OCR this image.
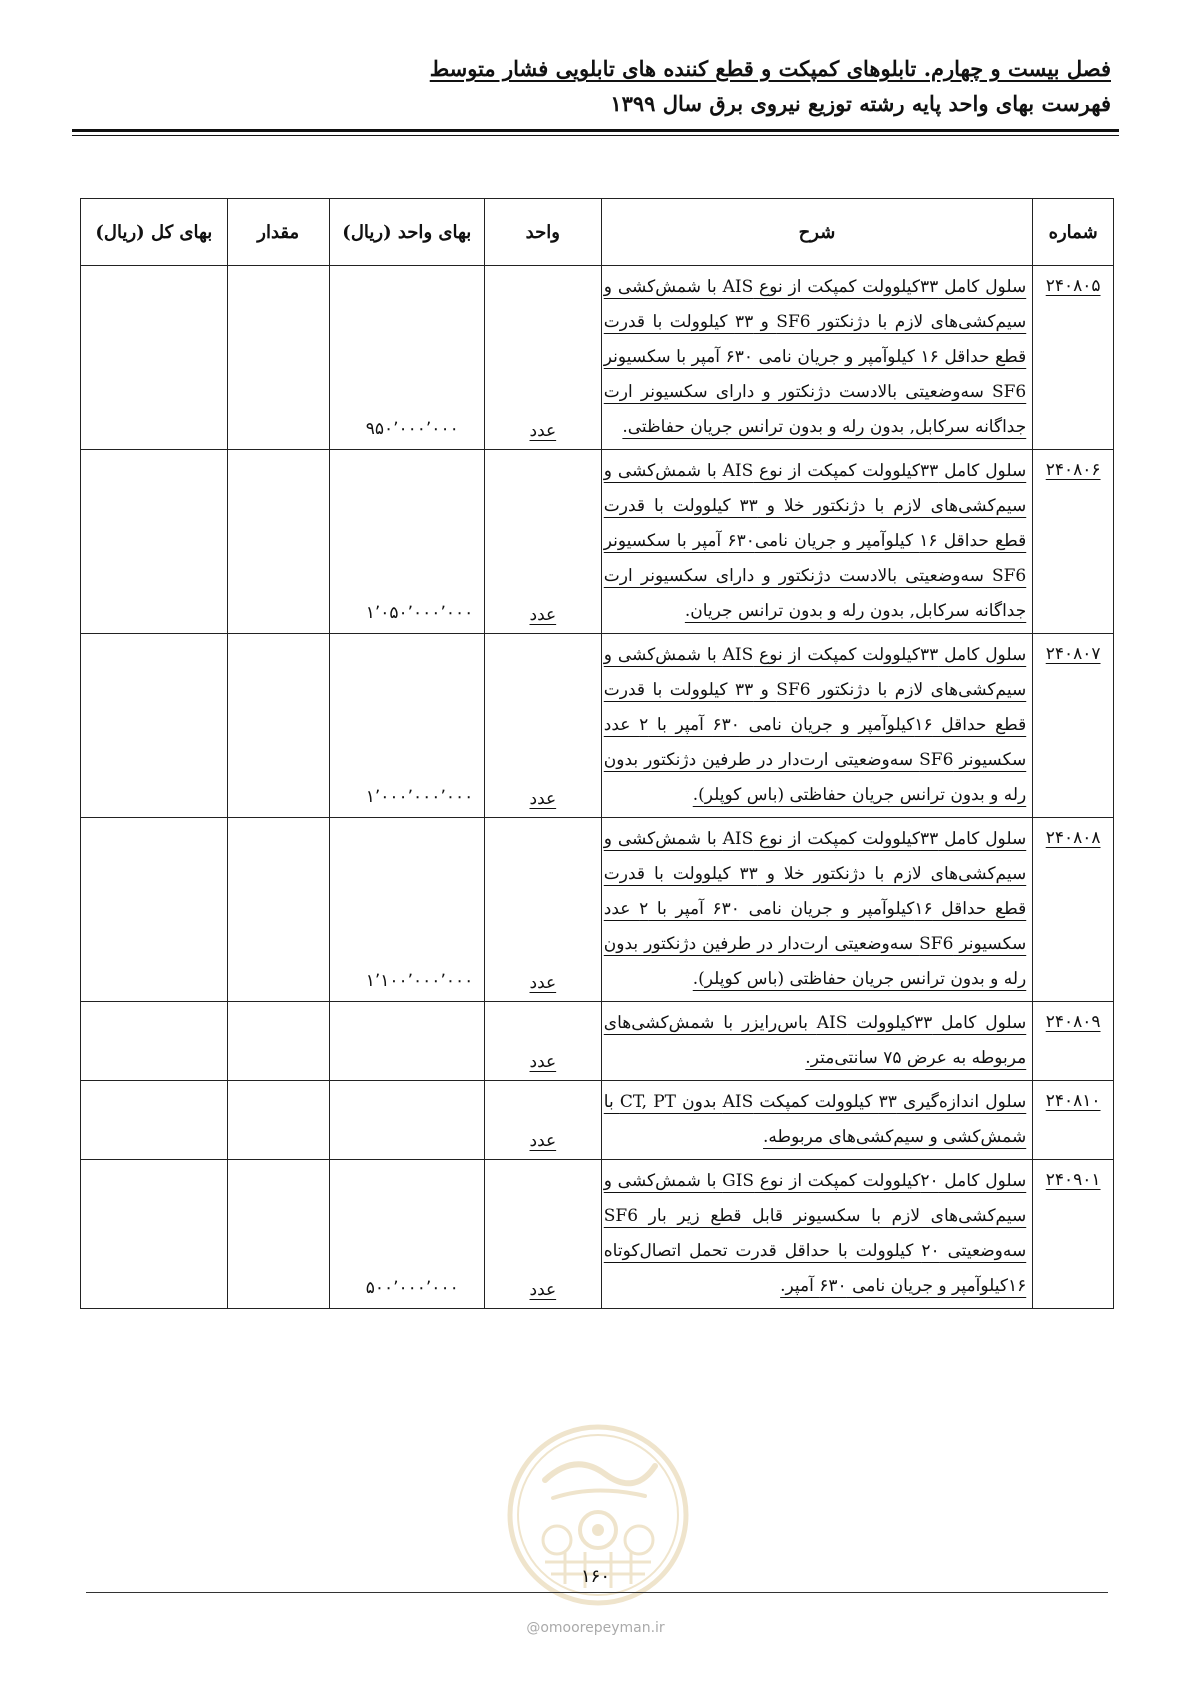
فصل بیست و چهارم. تابلوهای کمپکت و قطع کننده های تابلویی فشار متوسط
فهرست بهای واحد پایه رشته توزیع نیروی برق سال ۱۳۹۹
شماره	شرح	واحد	بهای واحد (ریال)	مقدار	بهای کل (ریال)
۲۴۰۸۰۵	سلول کامل ۳۳کیلوولت کمپکت از نوع AIS با شمش‌کشی و سیم‌کشی‌های لازم با دژنکتور SF6 و ۳۳ کیلوولت با قدرت قطع حداقل ۱۶ کیلوآمپر و جریان نامی ۶۳۰ آمپر با سکسیونر SF6 سه‌وضعیتی بالادست دژنکتور و دارای سکسیونر ارت جداگانه سرکابل, بدون رله و بدون ترانس جریان حفاظتی.	عدد	۹۵۰٬۰۰۰٬۰۰۰		
۲۴۰۸۰۶	سلول کامل ۳۳کیلوولت کمپکت از نوع AIS با شمش‌کشی و سیم‌کشی‌های لازم با دژنکتور خلا و ۳۳ کیلوولت با قدرت قطع حداقل ۱۶ کیلوآمپر و جریان نامی۶۳۰ آمپر با سکسیونر SF6 سه‌وضعیتی بالادست دژنکتور و دارای سکسیونر ارت جداگانه سرکابل, بدون رله و بدون ترانس جریان.	عدد	۱٬۰۵۰٬۰۰۰٬۰۰۰		
۲۴۰۸۰۷	سلول کامل ۳۳کیلوولت کمپکت از نوع AIS با شمش‌کشی و سیم‌کشی‌های لازم با دژنکتور SF6 و ۳۳ کیلوولت با قدرت قطع حداقل ۱۶کیلوآمپر و جریان نامی ۶۳۰ آمپر با ۲ عدد سکسیونر SF6 سه‌وضعیتی ارت‌دار در طرفین دژنکتور بدون رله و بدون ترانس جریان حفاظتی (باس کوپلر).	عدد	۱٬۰۰۰٬۰۰۰٬۰۰۰		
۲۴۰۸۰۸	سلول کامل ۳۳کیلوولت کمپکت از نوع AIS با شمش‌کشی و سیم‌کشی‌های لازم با دژنکتور خلا و ۳۳ کیلوولت با قدرت قطع حداقل ۱۶کیلوآمپر و جریان نامی ۶۳۰ آمپر با ۲ عدد سکسیونر SF6 سه‌وضعیتی ارت‌دار در طرفین دژنکتور بدون رله و بدون ترانس جریان حفاظتی (باس کوپلر).	عدد	۱٬۱۰۰٬۰۰۰٬۰۰۰		
۲۴۰۸۰۹	سلول کامل ۳۳کیلوولت AIS باس‌رایزر با شمش‌کشی‌های مربوطه به عرض ۷۵ سانتی‌متر.	عدد			
۲۴۰۸۱۰	سلول اندازه‌گیری ۳۳ کیلوولت کمپکت AIS بدون CT, PT با شمش‌کشی و سیم‌کشی‌های مربوطه.	عدد			
۲۴۰۹۰۱	سلول کامل ۲۰کیلوولت کمپکت از نوع GIS با شمش‌کشی و سیم‌کشی‌های لازم با سکسیونر قابل قطع زیر بار SF6 سه‌وضعیتی ۲۰ کیلوولت با حداقل قدرت تحمل اتصال‌کوتاه ۱۶کیلوآمپر و جریان نامی ۶۳۰ آمپر.	عدد	۵۰۰٬۰۰۰٬۰۰۰		
۱۶۰
@omoorepeyman.ir
